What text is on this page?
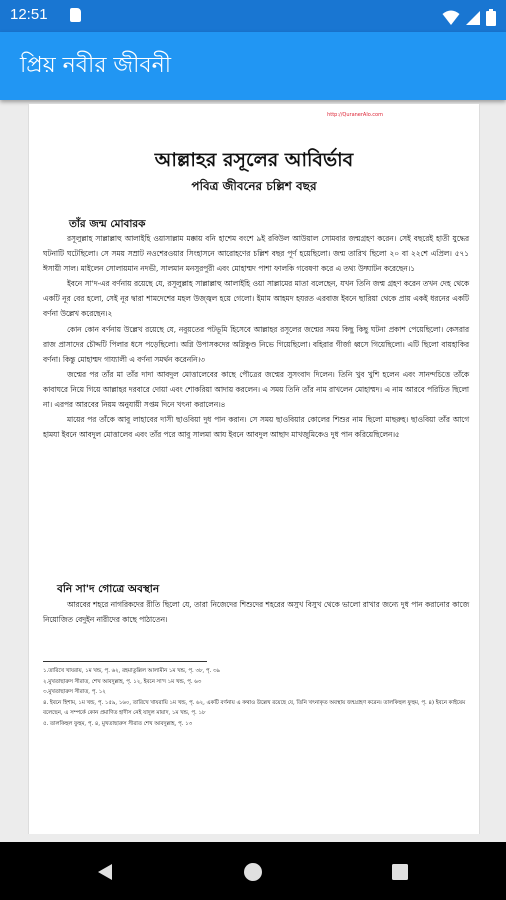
12:51

প্রিয় নবীর জীবনী
http://QuranerAlo.com
আল্লাহর রসূলের আবির্ভাব
পবিত্র জীবনের চল্লিশ বছর
তাঁর জন্ম মোবারক

রসূলুল্লাহ সাল্লাল্লাহু আলাইহি ওয়াসাল্লাম মক্কায় বনি হাশেম বংশে ৯ই রবিউল আউয়াল সোমবার জন্মগ্রহণ করেন। সেই বছরেই হাতী যুদ্ধের ঘটনাটি ঘটেছিলো। সে সময় সম্রাট নওশেরওয়ার সিংহাসনে আরোহণের চল্লিশ বছর পূর্ণ হয়েছিলো। জন্ম তারিখ ছিলো ২০ বা ২২শে এপ্রিল। ৫৭১ ঈসায়ী সাল। মাইলেন সোলায়মান নদভী, সালমান মনসুরপুরী এবং মোহাম্মদ পাশা ফালকি গবেষণা করে এ তথ্য উদ্ঘাটন করেছেন।১

ইবনে সা'দ-এর বর্ণনায় রয়েছে যে, রসূলুল্লাহ সাল্লাল্লাহু আলাইহি ওয়া সাল্লামের মাতা বলেছেন, যখন তিনি জন্ম গ্রহণ করেন তখন দেহ থেকে একটি নূর বের হলো, সেই নূর দ্বারা শামদেশের মহল উজ্জ্বল হয়ে গেলো। ইমাম আহমদ হযরত এরবাজ ইবনে ছারিয়া থেকে প্রায় একই ধরনের একটি বর্ণনা উল্লেখ করেছেন।২

কোন কোন বর্ণনায় উল্লেখ রয়েছে যে, নবুয়তের পটভূমি হিসেবে আল্লাহর রসূলের জন্মের সময় কিছু কিছু ঘটনা প্রকাশ পেয়েছিলো। কেসরার রাজ প্রাসাদের চৌদ্দটি পিলার ধসে পড়েছিলো। অগ্নি উপাসকদের অগ্নিকুণ্ড নিভে গিয়েছিলো। বহিরার গীর্জা ধ্বসে গিয়েছিলো। এটি ছিলো বায়হাকির বর্ণনা। কিন্তু মোহাম্মদ গায্যালী এ বর্ণনা সমর্থন করেননি।৩

জন্মের পর তাঁর মা তাঁর দাদা আবদুল মোত্তালেবের কাছে পৌত্রের জন্মের সুসংবাদ দিলেন। তিনি খুব খুশি হলেন এবং সানন্দচিত্তে তাঁকে কাবাঘরে নিয়ে গিয়ে আল্লাহর দরবারে দোয়া এবং শোকরিয়া আদায় করলেন। এ সময় তিনি তাঁর নাম রাখলেন মোহাম্মদ। এ নাম আরবে পরিচিত ছিলো না। এরপর আরবের নিয়ম অনুযায়ী সপ্তম দিনে খৎনা করালেন।৪

মায়ের পর তাঁকে আবু লাহাবের দাসী ছাওবিয়া দুধ পান করান। সে সময় ছাওবিয়ার কোলের শিশুর নাম ছিলো মাছরুহ। ছাওবিয়া তাঁর আগে হামযা ইবনে আবদুল মোত্তালেব এবং তাঁর পরে আবু সালমা আয ইবনে আবদুল আছাদ মাখজুমিকেও দুধ পান করিয়েছিলেন।৫

বনি সা'দ গোত্রে অবস্থান

আরবের শহরে নাগরিকদের রীতি ছিলো যে, তারা নিজেদের শিশুদের শহরের অসুখ বিসুখ থেকে ভালো রাখার জন্যে দুধ পান করানোর কাজে নিয়োজিত বেদুইন নারীদের কাছে পাঠাতেন।

১.তারিখে খাযরায়, ১ম খন্ড, পৃ. ৬২, রহমাতুল্লিল আলামীন ১ম খন্ড, পৃ. ৩৮, পৃ. ৩৯
২.মুখতাছারুস সীরাত, শেখ আবদুল্লাহ, পৃ. ১২, ইবনে সা'দ ১ম খন্ড, পৃ. ৬৩
৩.মুখতাছারুস সীরাত, পৃ. ১২
৪. ইবনে হিশাম, ১ম খন্ড, পৃ. ১৫৯, ১৬০, তারিখে খাযরায়ি ১ম খন্ড, পৃ. ৬২, একটি বর্ণনায় এ কথাও উল্লেখ রয়েছে যে, তিনি খৎনাকৃত অবস্থায় জন্মগ্রহণ করেন। তালকিহুল ফুহুম, পৃ. ৪) ইবনে কাইয়েম বলেছেন, এ সম্পর্কে কোন প্রমাণিত হাদীস নেই যাদুল মায়াদ, ১ম খন্ড, পৃ. ১৮
৫. তালকিহুল ফুহুম, পৃ. ৪, মুখতাছারুস সীরাত শেখ আবদুল্লাহ, পৃ. ১৩
